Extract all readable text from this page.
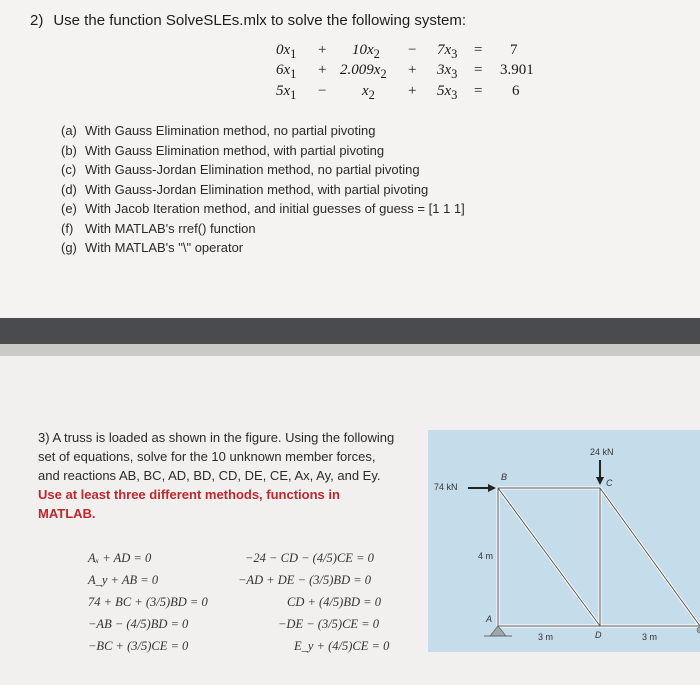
2) Use the function SolveSLEs.mlx to solve the following system:
$0x_1 + 10x_2 - 7x_3 = 7$
$6x_1 + 2.009x_2 + 3x_3 = 3.901$
$5x_1 - x_2 + 5x_3 = 6$
(a) With Gauss Elimination method, no partial pivoting
(b) With Gauss Elimination method, with partial pivoting
(c) With Gauss-Jordan Elimination method, no partial pivoting
(d) With Gauss-Jordan Elimination method, with partial pivoting
(e) With Jacob Iteration method, and initial guesses of guess = [1 1 1]
(f) With MATLAB's rref() function
(g) With MATLAB's "\" operator
3) A truss is loaded as shown in the figure. Using the following set of equations, solve for the 10 unknown member forces, and reactions AB, BC, AD, BD, CD, DE, CE, Ax, Ay, and Ey. Use at least three different methods, functions in MATLAB.
Aₓ + AD = 0
A_y + AB = 0
74 + BC + (3/5)BD = 0
−AB − (4/5)BD = 0
−BC + (3/5)CE = 0
−24 − CD − (4/5)CE = 0
−AD + DE − (3/5)BD = 0
CD + (4/5)BD = 0
−DE − (3/5)CE = 0
E_y + (4/5)CE = 0
24 kN
74 kN
B
C
A
D
4 m
3 m	3 m
